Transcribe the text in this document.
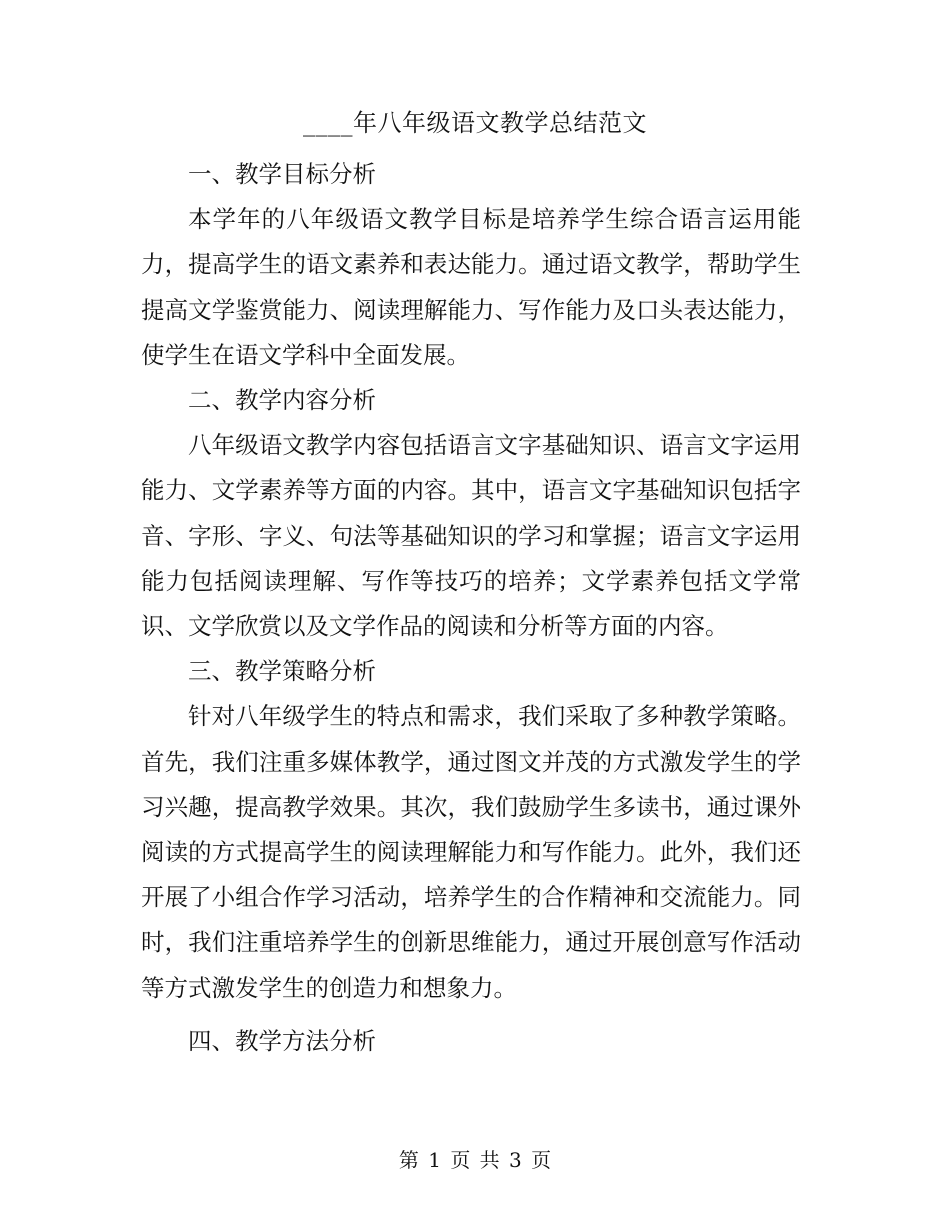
____年八年级语文教学总结范文

一、教学目标分析

本学年的八年级语文教学目标是培养学生综合语言运用能力，提高学生的语文素养和表达能力。通过语文教学，帮助学生提高文学鉴赏能力、阅读理解能力、写作能力及口头表达能力，使学生在语文学科中全面发展。

二、教学内容分析

八年级语文教学内容包括语言文字基础知识、语言文字运用能力、文学素养等方面的内容。其中，语言文字基础知识包括字音、字形、字义、句法等基础知识的学习和掌握；语言文字运用能力包括阅读理解、写作等技巧的培养；文学素养包括文学常识、文学欣赏以及文学作品的阅读和分析等方面的内容。

三、教学策略分析

针对八年级学生的特点和需求，我们采取了多种教学策略。首先，我们注重多媒体教学，通过图文并茂的方式激发学生的学习兴趣，提高教学效果。其次，我们鼓励学生多读书，通过课外阅读的方式提高学生的阅读理解能力和写作能力。此外，我们还开展了小组合作学习活动，培养学生的合作精神和交流能力。同时，我们注重培养学生的创新思维能力，通过开展创意写作活动等方式激发学生的创造力和想象力。

四、教学方法分析

第 1 页 共 3 页
